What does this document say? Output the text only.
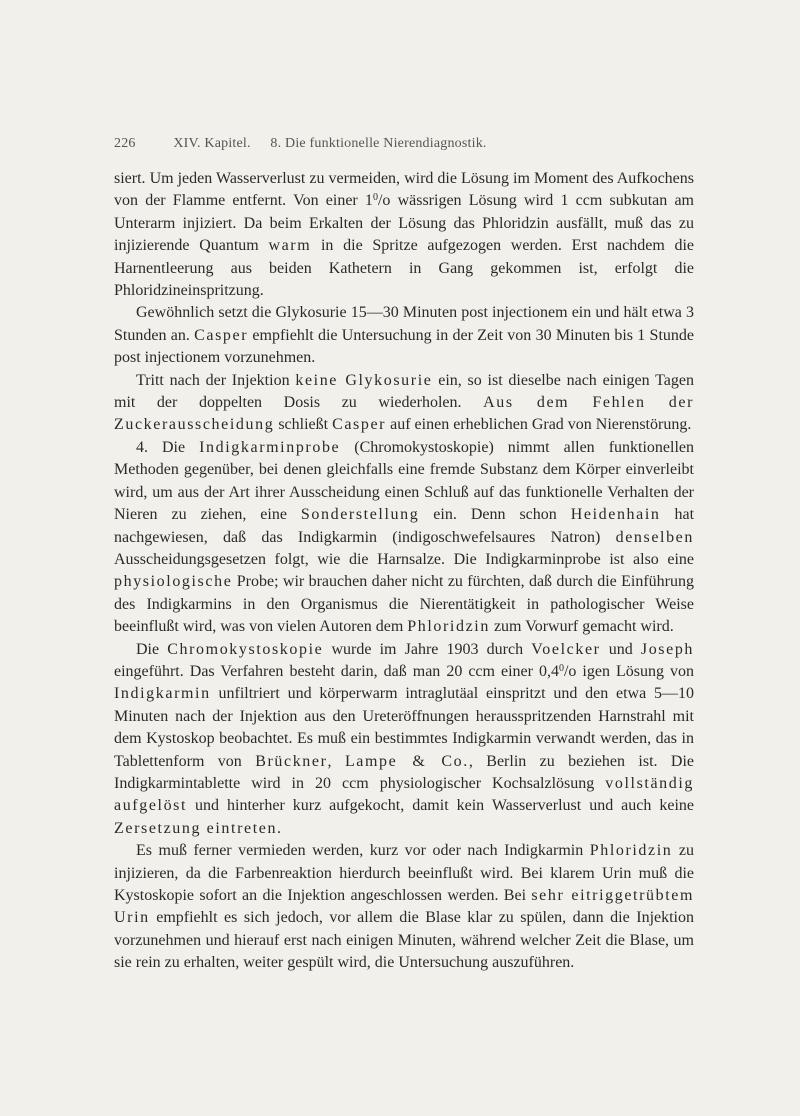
226	XIV. Kapitel. 8. Die funktionelle Nierendiagnostik.

siert. Um jeden Wasserverlust zu vermeiden, wird die Lösung im Moment des Aufkochens von der Flamme entfernt. Von einer $1^0/o$ wässrigen Lösung wird 1 ccm subkutan am Unterarm injiziert. Da beim Erkalten der Lösung das Phloridzin ausfällt, muß das zu injizierende Quantum warm in die Spritze aufgezogen werden. Erst nachdem die Harnentleerung aus beiden Kathetern in Gang gekommen ist, erfolgt die Phloridzineinspritzung.

Gewöhnlich setzt die Glykosurie 15—30 Minuten post injectionem ein und hält etwa 3 Stunden an. Casper empfiehlt die Untersuchung in der Zeit von 30 Minuten bis 1 Stunde post injectionem vorzunehmen.

Tritt nach der Injektion keine Glykosurie ein, so ist dieselbe nach einigen Tagen mit der doppelten Dosis zu wiederholen. Aus dem Fehlen der Zuckerausscheidung schließt Casper auf einen erheblichen Grad von Nierenstörung.

4. Die Indigkarminprobe (Chromokystoskopie) nimmt allen funktionellen Methoden gegenüber, bei denen gleichfalls eine fremde Substanz dem Körper einverleibt wird, um aus der Art ihrer Ausscheidung einen Schluß auf das funktionelle Verhalten der Nieren zu ziehen, eine Sonderstellung ein. Denn schon Heidenhain hat nachgewiesen, daß das Indigkarmin (indigoschwefelsaures Natron) denselben Ausscheidungsgesetzen folgt, wie die Harnsalze. Die Indigkarminprobe ist also eine physiologische Probe; wir brauchen daher nicht zu fürchten, daß durch die Einführung des Indigkarmins in den Organismus die Nierentätigkeit in pathologischer Weise beeinflußt wird, was von vielen Autoren dem Phloridzin zum Vorwurf gemacht wird.

Die Chromokystoskopie wurde im Jahre 1903 durch Voelcker und Joseph eingeführt. Das Verfahren besteht darin, daß man 20 ccm einer $0,4^0/o$ igen Lösung von Indigkarmin unfiltriert und körperwarm intraglutäal einspritzt und den etwa 5—10 Minuten nach der Injektion aus den Ureteröffnungen herausspritzenden Harnstrahl mit dem Kystoskop beobachtet. Es muß ein bestimmtes Indigkarmin verwandt werden, das in Tablettenform von Brückner, Lampe & Co., Berlin zu beziehen ist. Die Indigkarmintablette wird in 20 ccm physiologischer Kochsalzlösung vollständig aufgelöst und hinterher kurz aufgekocht, damit kein Wasserverlust und auch keine Zersetzung eintreten.

Es muß ferner vermieden werden, kurz vor oder nach Indigkarmin Phloridzin zu injizieren, da die Farbenreaktion hierdurch beeinflußt wird. Bei klarem Urin muß die Kystoskopie sofort an die Injektion angeschlossen werden. Bei sehr eitriggetrübtem Urin empfiehlt es sich jedoch, vor allem die Blase klar zu spülen, dann die Injektion vorzunehmen und hierauf erst nach einigen Minuten, während welcher Zeit die Blase, um sie rein zu erhalten, weiter gespült wird, die Untersuchung auszuführen.
